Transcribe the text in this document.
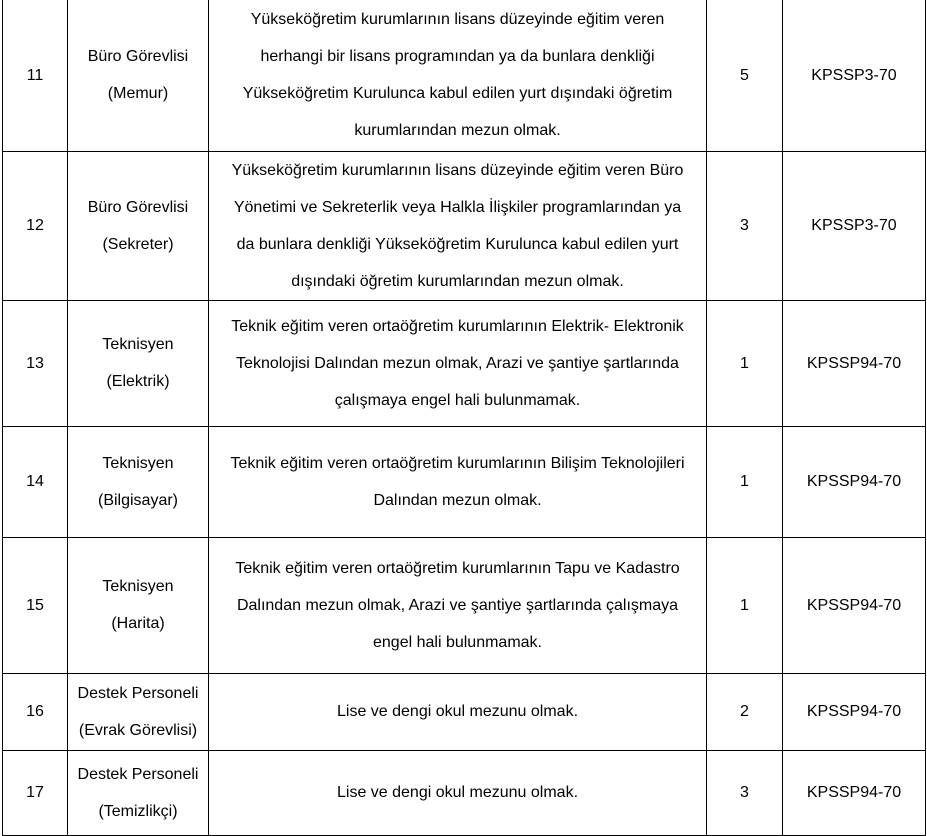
11	Büro Görevlisi
(Memur)	Yükseköğretim kurumlarının lisans düzeyinde eğitim veren
herhangi bir lisans programından ya da bunlara denkliği
Yükseköğretim Kurulunca kabul edilen yurt dışındaki öğretim
kurumlarından mezun olmak.	5	KPSSP3-70
12	Büro Görevlisi
(Sekreter)	Yükseköğretim kurumlarının lisans düzeyinde eğitim veren Büro
Yönetimi ve Sekreterlik veya Halkla İlişkiler programlarından ya
da bunlara denkliği Yükseköğretim Kurulunca kabul edilen yurt
dışındaki öğretim kurumlarından mezun olmak.	3	KPSSP3-70
13	Teknisyen
(Elektrik)	Teknik eğitim veren ortaöğretim kurumlarının Elektrik- Elektronik
Teknolojisi Dalından mezun olmak, Arazi ve şantiye şartlarında
çalışmaya engel hali bulunmamak.	1	KPSSP94-70
14	Teknisyen
(Bilgisayar)	Teknik eğitim veren ortaöğretim kurumlarının Bilişim Teknolojileri
Dalından mezun olmak.	1	KPSSP94-70
15	Teknisyen
(Harita)	Teknik eğitim veren ortaöğretim kurumlarının Tapu ve Kadastro
Dalından mezun olmak, Arazi ve şantiye şartlarında çalışmaya
engel hali bulunmamak.	1	KPSSP94-70
16	Destek Personeli
(Evrak Görevlisi)	Lise ve dengi okul mezunu olmak.	2	KPSSP94-70
17	Destek Personeli
(Temizlikçi)	Lise ve dengi okul mezunu olmak.	3	KPSSP94-70
